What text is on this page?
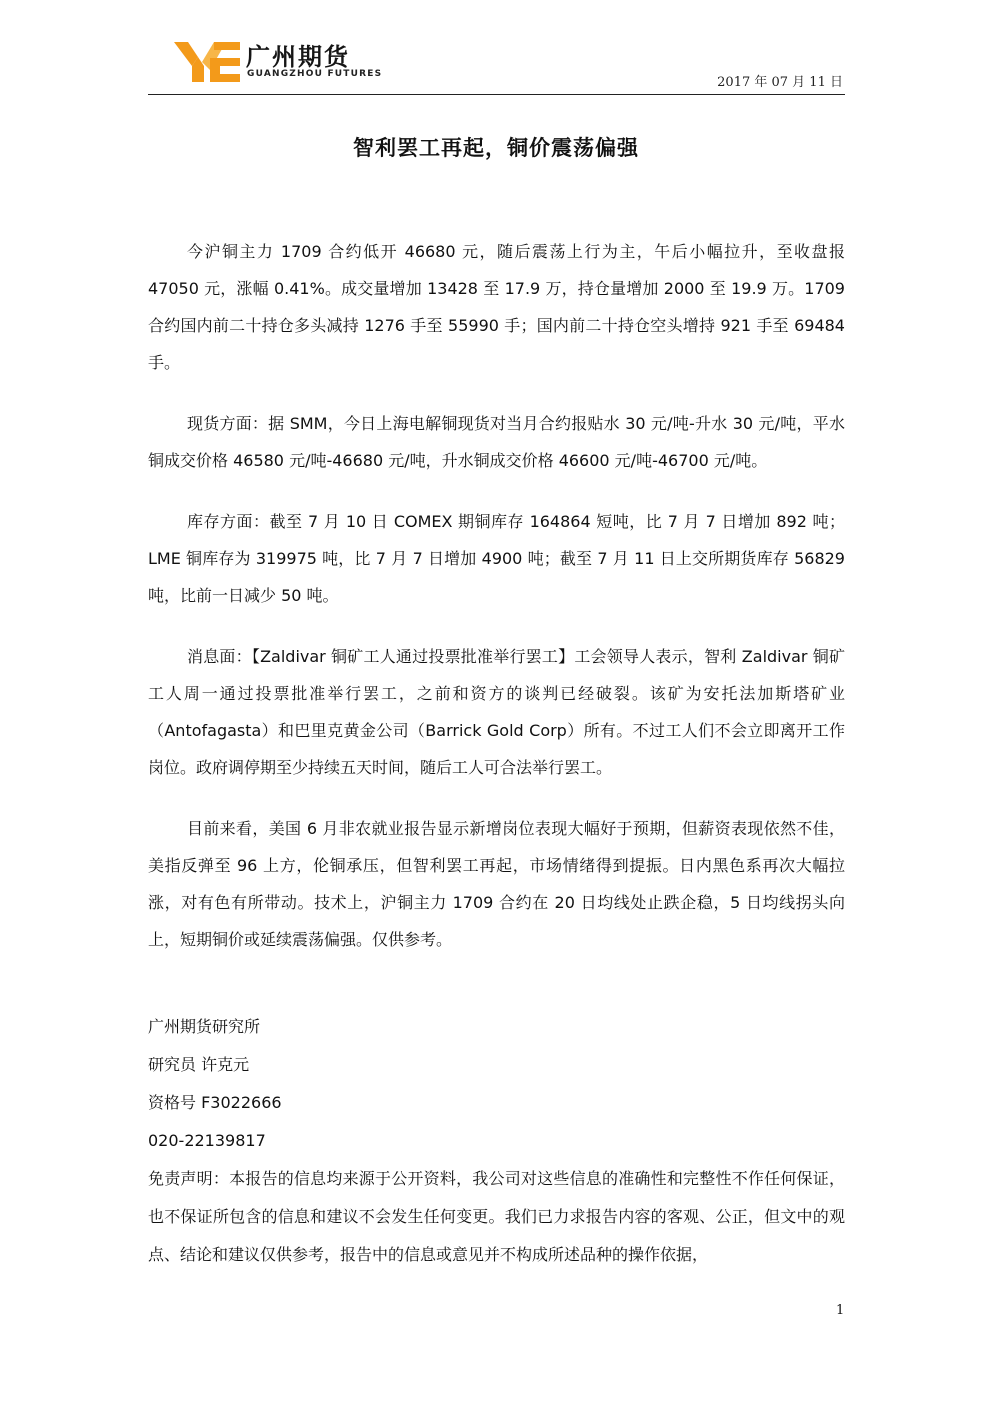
广州期货
GUANGZHOU FUTURES
2017 年 07 月 11 日
智利罢工再起，铜价震荡偏强

今沪铜主力 1709 合约低开 46680 元，随后震荡上行为主，午后小幅拉升，至收盘报 47050 元，涨幅 0.41%。成交量增加 13428 至 17.9 万，持仓量增加 2000 至 19.9 万。1709 合约国内前二十持仓多头减持 1276 手至 55990 手；国内前二十持仓空头增持 921 手至 69484 手。

现货方面：据 SMM，今日上海电解铜现货对当月合约报贴水 30 元/吨-升水 30 元/吨，平水铜成交价格 46580 元/吨-46680 元/吨，升水铜成交价格 46600 元/吨-46700 元/吨。

库存方面：截至 7 月 10 日 COMEX 期铜库存 164864 短吨，比 7 月 7 日增加 892 吨；LME 铜库存为 319975 吨，比 7 月 7 日增加 4900 吨；截至 7 月 11 日上交所期货库存 56829 吨，比前一日减少 50 吨。

消息面：【Zaldivar 铜矿工人通过投票批准举行罢工】工会领导人表示，智利 Zaldivar 铜矿工人周一通过投票批准举行罢工，之前和资方的谈判已经破裂。该矿为安托法加斯塔矿业（Antofagasta）和巴里克黄金公司（Barrick Gold Corp）所有。不过工人们不会立即离开工作岗位。政府调停期至少持续五天时间，随后工人可合法举行罢工。

目前来看，美国 6 月非农就业报告显示新增岗位表现大幅好于预期，但薪资表现依然不佳，美指反弹至 96 上方，伦铜承压，但智利罢工再起，市场情绪得到提振。日内黑色系再次大幅拉涨，对有色有所带动。技术上，沪铜主力 1709 合约在 20 日均线处止跌企稳，5 日均线拐头向上，短期铜价或延续震荡偏强。仅供参考。

广州期货研究所

研究员 许克元

资格号 F3022666

020-22139817

免责声明：本报告的信息均来源于公开资料，我公司对这些信息的准确性和完整性不作任何保证，也不保证所包含的信息和建议不会发生任何变更。我们已力求报告内容的客观、公正，但文中的观点、结论和建议仅供参考，报告中的信息或意见并不构成所述品种的操作依据，

1
